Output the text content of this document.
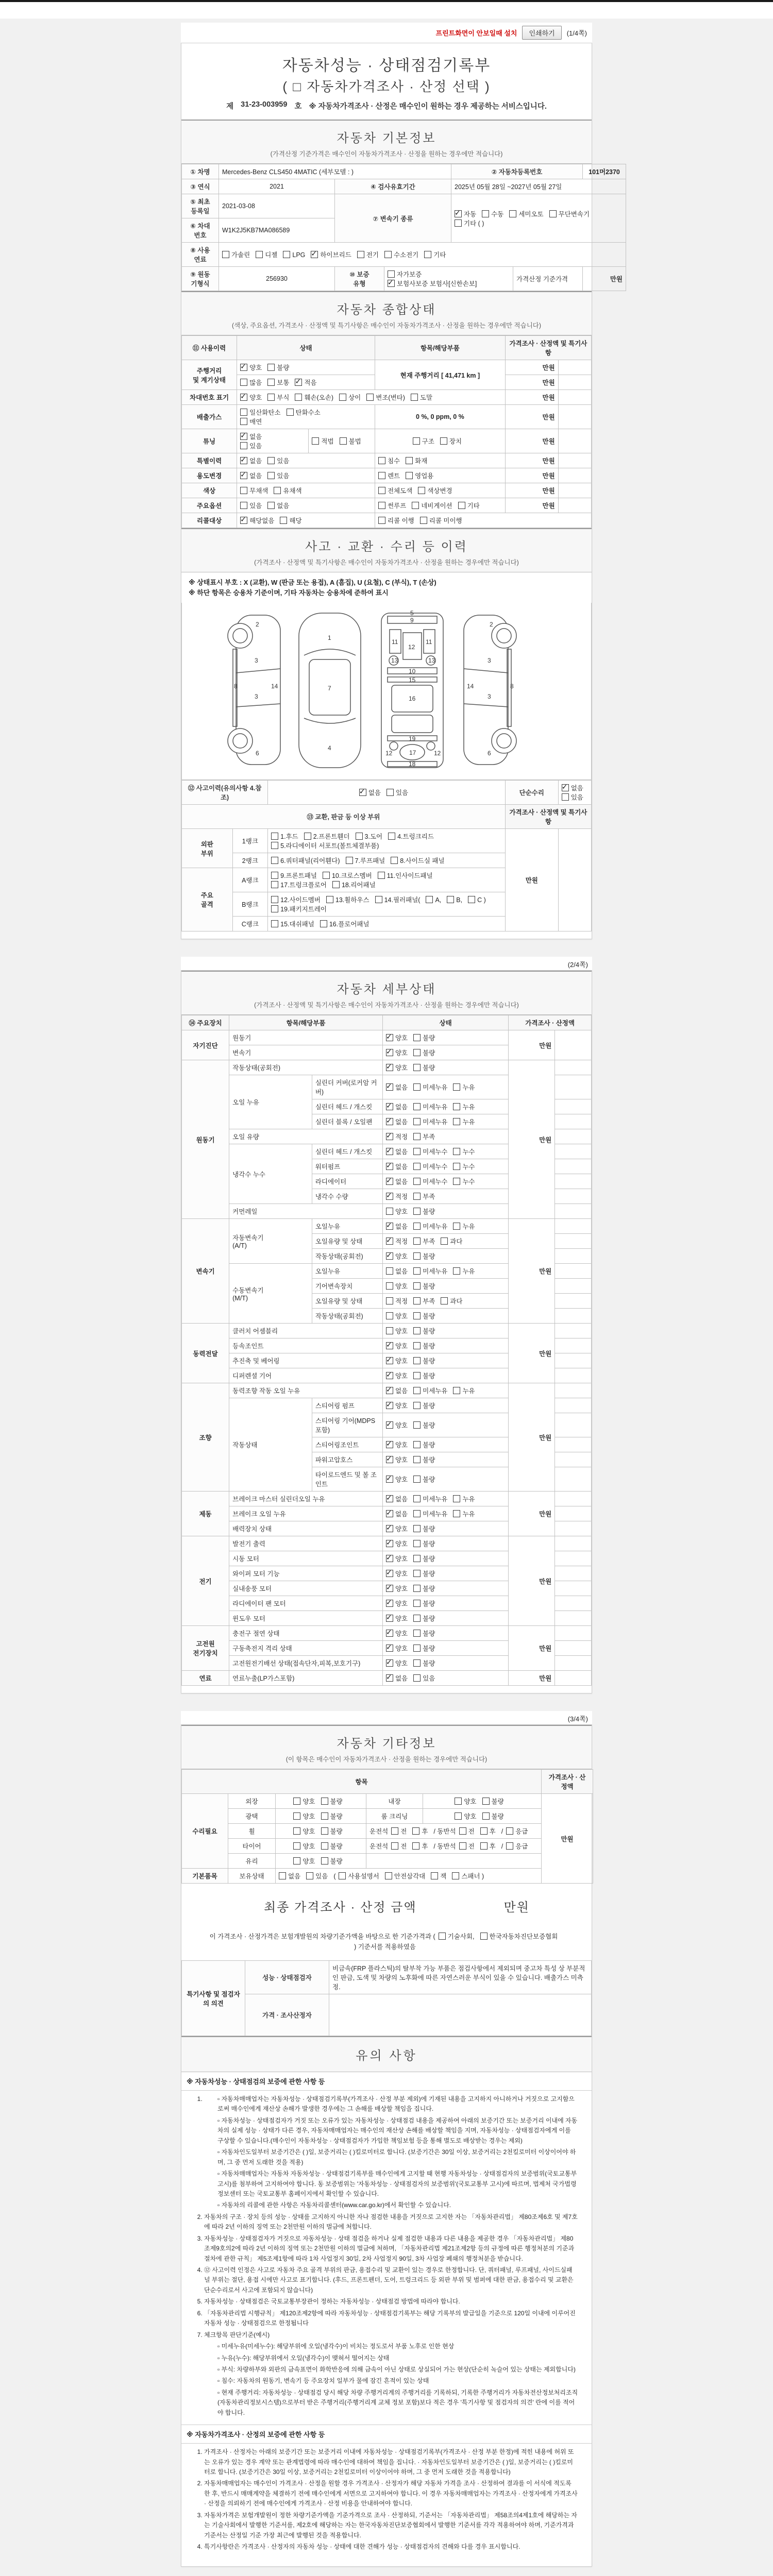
프린트화면이 안보일때 설치	인쇄하기	(1/4쪽)
자동차성능 · 상태점검기록부
( □ 자동차가격조사 · 산정 선택 )
제 31-23-003959 호 ※ 자동차가격조사 · 산정은 매수인이 원하는 경우 제공하는 서비스입니다.
자동차 기본정보
(가격산정 기준가격은 매수인이 자동차가격조사 · 산정을 원하는 경우에만 적습니다)
① 차명	Mercedes-Benz CLS450 4MATIC (세부모델 : )			② 자동차등록번호		101머2370
③ 연식	2021	④ 검사유효기간		2025년 05월 28일 ~2027년 05월 27일		
⑤ 최초
등록일	2021-03-08	⑦ 변속기 종류	✓자동 수동 세미오토 무단변속기
기타 ( )
⑥ 차대
번호	W1K2J5KB7MA086589					
⑧ 사용
연료	가솔린 디젤 LPG ✓ 하이브리드 전기 수소전기 기타
⑨ 원동
기형식	256930	⑩ 보증
유형	자가보증✓보험사보증 보험사[신한손보]		가격산정 기준가격	만원
자동차 종합상태
(색상, 주요옵션, 가격조사 · 산정액 및 특기사항은 매수인이 자동차가격조사 · 산정을 원하는 경우에만 적습니다)
⑪ 사용이력	상태		항목/해당부품	가격조사 · 산정액 및 특기사항	
주행거리
및 계기상태	✓양호 불량		현재 주행거리 [ 41,471 km ]	만원	
	많음 보통 ✓ 적음			만원	
차대번호 표기	✓양호 부식 훼손(오손) 상이 변조(변타) 도말			만원	
배출가스	일산화탄소 탄화수소
매연		0 %, 0 ppm, 0 %	만원	
튜닝	✓없음
있음	적법 불법	구조 장치	만원	
특별이력	✓없음 있음		침수 화재	만원	
용도변경	✓없음 있음		렌트 영업용	만원	
색상	무채색 유채색		전체도색 색상변경	만원	
주요옵션	있음 없음		썬루프 네비게이션 기타	만원	
리콜대상	✓해당없음 해당		리콜 이행 리콜 미이행		
사고 · 교환 · 수리 등 이력
(가격조사 · 산정액 및 특기사항은 매수인이 자동차가격조사 · 산정을 원하는 경우에만 적습니다)
※ 상태표시 부호 : X (교환), W (판금 또는 용접), A (흠집), U (요철), C (부식), T (손상)
※ 하단 항목은 승용차 기준이며, 기타 자동차는 승용차에 준하여 표시
2
8
3
14
3
6
1
7
4
5
9
11	11
12
13	13
10
15
16
19
12	12
17
18
2
8
3
14
3
6
⑫ 사고이력(유의사항 4.참조)	✓없음 있음	단순수리	✓없음있음
⑬ 교환, 판금 등 이상 부위			가격조사 · 산정액 및 특기사항	
외판
부위	1랭크	1.후드 2.프론트휀더 3.도어 4.트렁크리드
5.라디에이터 서포트(볼트체결부품)	만원	
	2랭크	6.쿼터패널(리어휀다) 7.루프패널 8.사이드실 패널		
주요
골격	A랭크	9.프론트패널 10.크로스멤버 11.인사이드패널
17.트렁크플로어 18.리어패널		
	B랭크	12.사이드멤버 13.휠하우스 14.필러패널( A, B, C )
19.패키지트레이		
	C랭크	15.대쉬패널 16.플로어패널		
(2/4쪽)
자동차 세부상태
(가격조사 · 산정액 및 특기사항은 매수인이 자동차가격조사 · 산정을 원하는 경우에만 적습니다)
⑭ 주요장치	항목/해당부품		상태	가격조사 · 산정액	
자기진단	원동기	✓양호 불량	만원	
	변속기	✓양호 불량
원동기	작동상태(공회전)	✓양호 불량	만원	
	오일 누유	실린더 커버(로커암 커버)	✓없음 미세누유 누유	
		실린더 헤드 / 개스킷	✓없음 미세누유 누유	
		실린더 블록 / 오일팬	✓없음 미세누유 누유	
	오일 유량	✓적정 부족	
	냉각수 누수	실린더 헤드 / 개스킷	✓없음 미세누수 누수	
		워터펌프	✓없음 미세누수 누수	
		라디에이터	✓없음 미세누수 누수	
		냉각수 수량	✓적정 부족	
	커먼레일		양호 불량		
변속기	자동변속기
(A/T)	오일누유	✓없음 미세누유 누유	만원	
		오일유량 및 상태	✓적정 부족 과다	
		작동상태(공회전)	✓양호 불량	
	수동변속기
(M/T)	오일누유	없음 미세누유 누유		
		기어변속장치	양호 불량		
		오일유량 및 상태	적정 부족 과다		
		작동상태(공회전)	양호 불량		
동력전달	클러치 어셈블리		양호 불량	만원	
	등속조인트	✓양호 불량	
	추진축 및 베어링	✓양호 불량	
	디퍼렌셜 기어	✓양호 불량	
조향	동력조향 작동 오일 누유	✓없음 미세누유 누유	만원	
	작동상태	스티어링 펌프	✓양호 불량	
		스티어링 기어(MDPS포함)	✓양호 불량	
		스티어링조인트	✓양호 불량	
		파워고압호스	✓양호 불량	
		타이로드엔드 및 볼 조인트	✓양호 불량	
제동	브레이크 마스터 실린더오일 누유	✓없음 미세누유 누유	만원	
	브레이크 오일 누유	✓없음 미세누유 누유	
	배력장치 상태	✓양호 불량	
전기	발전기 출력	✓양호 불량	만원	
	시동 모터	✓양호 불량	
	와이퍼 모터 기능	✓양호 불량	
	실내송풍 모터	✓양호 불량	
	라디에이터 팬 모터	✓양호 불량	
	윈도우 모터	✓양호 불량	
고전원
전기장치	충전구 절연 상태	✓양호 불량	만원	
	구동축전지 격리 상태	✓양호 불량	
	고전원전기배선 상태(접속단자,피복,보호기구)	✓양호 불량	
연료	연료누출(LP가스포함)	✓없음 있음	만원	
(3/4쪽)
자동차 기타정보
(이 항목은 매수인이 자동차가격조사 · 산정을 원하는 경우에만 적습니다)
항목					가격조사 · 산
정액
수리필요	외장	양호 불량	내장	양호 불량	만원
	광택	양호 불량	룸 크리닝	양호 불량	
	휠	양호 불량	운전석 전 후 / 동반석 전 후 / 응급		
	타이어	양호 불량	운전석 전 후 / 동반석 전 후 / 응급		
	유리	양호 불량			
기본품목	보유상태	없음 있음 ( 사용설명서 안전삼각대 잭 스패너 )			
최종 가격조사 · 산정 금액	만원
이 가격조사 · 산정가격은 보험개발원의 차량기준가액을 바탕으로 한 기준가격과 ( 기술사회, 한국자동차진단보증협회) 기준서를 적용하였음
특기사항 및 점검자의 의견	성능 · 상태점검자	비금속(FRP 플라스틱)의 탈부착 가능 부품은 점검사항에서 제외되며 중고차 특성 상 부분적인 판금, 도색 및 차량의 노후화에 따른 자연스러운 부식이 있을 수 있습니다. 배출가스 미측정.
	가격 · 조사산정자	
유의 사항
※ 자동차성능 · 상태점검의 보증에 관한 사항 등
▫ 1. 자동차매매업자는 자동차성능 · 상태점검기록부(가격조사 · 산정 부분 제외)에 기재된 내용을 고지하지 아니하거나 거짓으로 고지함으로써 매수인에게 재산상 손해가 발생한 경우에는 그 손해를 배상할 책임을 집니다.
▫ 자동차성능 · 상태점검자가 거짓 또는 오류가 있는 자동차성능 · 상태점검 내용을 제공하여 아래의 보증기간 또는 보증거리 이내에 자동차의 실제 성능 · 상태가 다른 경우, 자동차매매업자는 매수인의 재산상 손해를 배상할 책임을 지며, 자동차성능 · 상태점검자에게 이를 구상할 수 있습니다.(매수인이 자동차성능 · 상태점검자가 가입한 책임보험 등을 통해 별도로 배상받는 경우는 제외)
▫ 자동차인도일부터 보증기간은 ( )일, 보증거리는 ( )킬로미터로 합니다. (보증기간은 30일 이상, 보증거리는 2천킬로미터 이상이어야 하며, 그 중 먼저 도래한 것을 적용)
▫ 자동차매매업자는 자동차 자동차성능 · 상태점검기록부를 매수인에게 고지할 때 현행 자동차성능 · 상태점검자의 보증범위(국토교통부 고시)를 첨부하여 고지하여야 합니다. 동 보증범위는 '자동차성능 · 상태점검자의 보증범위'(국토교통부 고시)에 따르며, 법제처 국가법령정보센터 또는 국토교통부 홈페이지에서 확인할 수 있습니다.
▫ 자동차의 리콜에 관한 사항은 자동차리콜센터(www.car.go.kr)에서 확인할 수 있습니다.
2. 자동차의 구조 · 장치 등의 성능 · 상태를 고지하지 아니한 자나 점검한 내용을 거짓으로 고지한 자는 「자동차관리법」 제80조제6호 및 제7호에 따라 2년 이하의 징역 또는 2천만원 이하의 벌금에 처합니다.
3. 자동차성능 · 상태점검자가 거짓으로 자동차성능 · 상태 점검을 하거나 실제 점검한 내용과 다른 내용을 제공한 경우 「자동차관리법」 제80조제9호의2에 따라 2년 이하의 징역 또는 2천만원 이하의 벌금에 처하며, 「자동차관리법 제21조제2항 등의 규정에 따른 행정처분의 기준과 절차에 관한 규칙」 제5조제1항에 따라 1차 사업정지 30일, 2차 사업정지 90일, 3차 사업장 폐쇄의 행정처분을 받습니다.
4. ⑫ 사고이력 인정은 사고로 자동차 주요 골격 부위의 판금, 용접수리 및 교환이 있는 경우로 한정합니다. 단, 쿼터패널, 루프패널, 사이드실패널 부위는 절단, 용접 시에만 사고로 표기합니다. (후드, 프론트펜더, 도어, 트렁크리드 등 외판 부위 및 범퍼에 대한 판금, 용접수리 및 교환은 단순수리로서 사고에 포함되지 않습니다)
5. 자동차성능 · 상태점검은 국토교통부장관이 정하는 자동차성능 · 상태점검 방법에 따라야 합니다.
6. 「자동차관리법 시행규칙」 제120조제2항에 따라 자동차성능 · 상태점검기록부는 해당 기록부의 발급일을 기준으로 120일 이내에 이루어진 자동차 성능 · 상태점검으로 한정됩니다
7. 체크항목 판단기준(예시)
▫ 미세누유(미세누수): 해당부위에 오일(냉각수)이 비치는 정도로서 부품 노후로 인한 현상
▫ 누유(누수): 해당부위에서 오일(냉각수)이 맺혀서 떨어지는 상태
▫ 부식: 차량하부와 외판의 금속표면이 화학반응에 의해 금속이 아닌 상태로 상실되어 가는 현상(단순히 녹슬어 있는 상태는 제외합니다)
▫ 침수: 자동차의 원동기, 변속기 등 주요장치 일부가 물에 잠긴 흔적이 있는 상태
▫ 현재 주행거리: 자동차성능 · 상태점검 당시 해당 차량 주행거리계의 주행거리를 기록하되, 기록한 주행거리가 자동차전산정보처리조직(자동차관리정보시스템)으로부터 받은 주행거리(주행거리계 교체 정보 포함)보다 적은 경우 '특기사항 및 점검자의 의견' 란에 이를 적어야 합니다.
※ 자동차가격조사 · 산정의 보증에 관한 사항 등
1. 가격조사 · 산정자는 아래의 보증기간 또는 보증거리 이내에 자동차성능 · 상태점검기록부(가격조사 · 산정 부분 한정)에 적힌 내용에 허위 또는 오류가 있는 경우 계약 또는 관계법령에 따라 매수인에 대하여 책임을 집니다. · 자동차인도일부터 보증기간은 ( )일, 보증거리는 ( )킬로미터로 합니다. (보증기간은 30일 이상, 보증거리는 2천킬로미터 이상이어야 하며, 그 중 먼저 도래한 것을 적용합니다)
2. 자동차매매업자는 매수인이 가격조사 · 산정을 원할 경우 가격조사 · 산정자가 해당 자동차 가격을 조사 · 산정하여 결과를 이 서식에 적도록 한 후, 반드시 매매계약을 체결하기 전에 매수인에게 서면으로 고지하여야 합니다. 이 경우 자동차매매업자는 가격조사 · 산정자에게 가격조사 · 산정을 의뢰하기 전에 매수인에게 가격조사 · 산정 비용을 안내하여야 합니다.
3. 자동차가격은 보험개발원이 정한 차량기준가액을 기준가격으로 조사 · 산정하되, 기준서는 「자동차관리법」 제58조의4제1호에 해당하는 자는 기술사회에서 발행한 기준서를, 제2호에 해당하는 자는 한국자동차진단보증협회에서 발행한 기준서를 각각 적용하여야 하며, 기준가격과 기준서는 산정일 기준 가장 최근에 발행된 것을 적용합니다.
4. 특기사항란은 가격조사 · 산정자의 자동차 성능 · 상태에 대한 견해가 성능 · 상태점검자의 견해와 다를 경우 표시합니다.
